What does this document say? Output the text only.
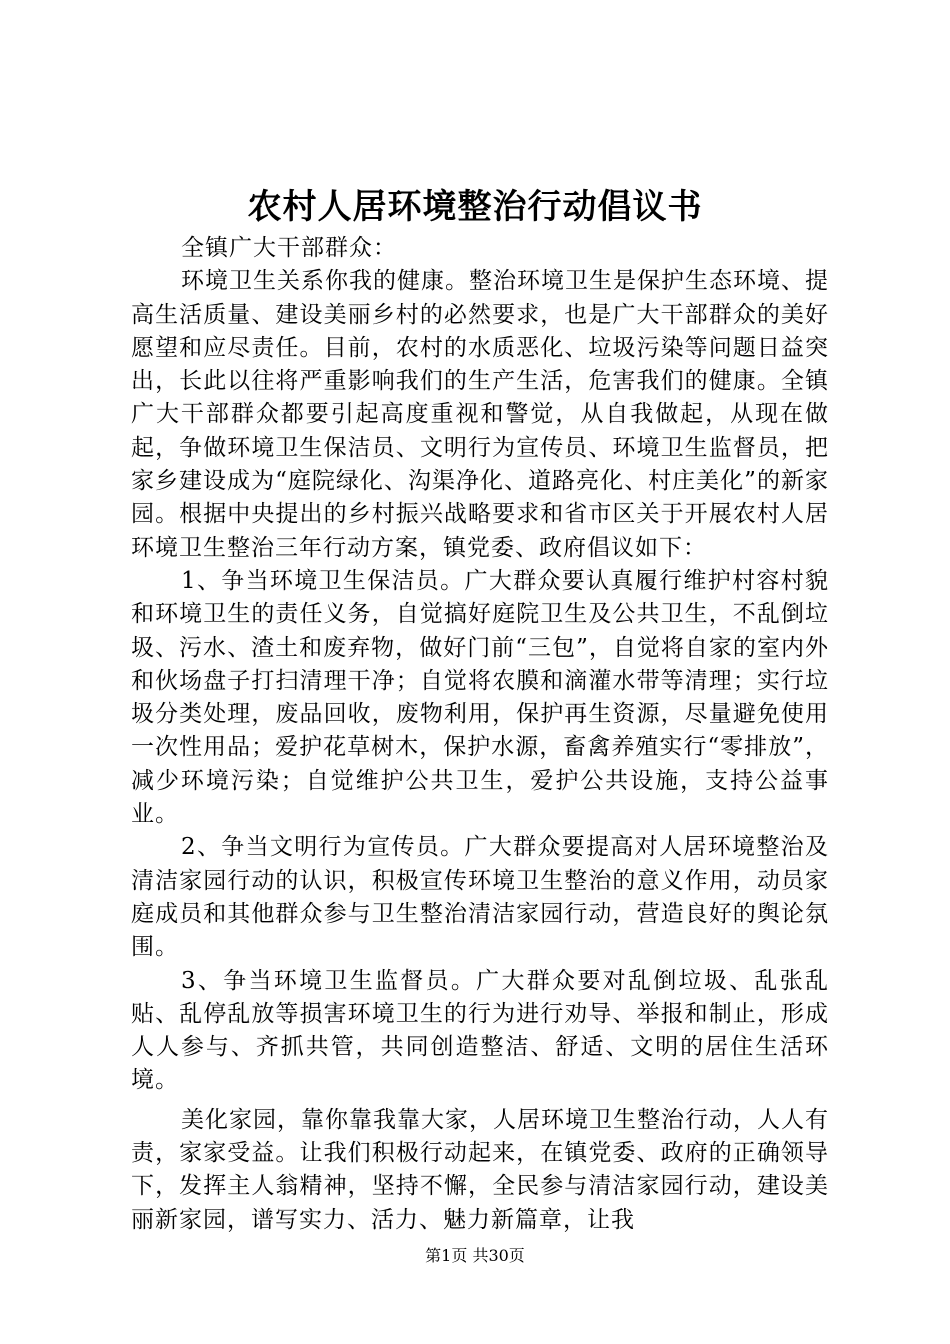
农村人居环境整治行动倡议书

全镇广大干部群众：

环境卫生关系你我的健康。整治环境卫生是保护生态环境、提高生活质量、建设美丽乡村的必然要求，也是广大干部群众的美好愿望和应尽责任。目前，农村的水质恶化、垃圾污染等问题日益突出，长此以往将严重影响我们的生产生活，危害我们的健康。全镇广大干部群众都要引起高度重视和警觉，从自我做起，从现在做起，争做环境卫生保洁员、文明行为宣传员、环境卫生监督员，把家乡建设成为“庭院绿化、沟渠净化、道路亮化、村庄美化”的新家园。根据中央提出的乡村振兴战略要求和省市区关于开展农村人居环境卫生整治三年行动方案，镇党委、政府倡议如下：

1、争当环境卫生保洁员。广大群众要认真履行维护村容村貌和环境卫生的责任义务，自觉搞好庭院卫生及公共卫生，不乱倒垃圾、污水、渣土和废弃物，做好门前“三包”，自觉将自家的室内外和伙场盘子打扫清理干净；自觉将农膜和滴灌水带等清理；实行垃圾分类处理，废品回收，废物利用，保护再生资源，尽量避免使用一次性用品；爱护花草树木，保护水源，畜禽养殖实行“零排放”，减少环境污染；自觉维护公共卫生，爱护公共设施，支持公益事业。

2、争当文明行为宣传员。广大群众要提高对人居环境整治及清洁家园行动的认识，积极宣传环境卫生整治的意义作用，动员家庭成员和其他群众参与卫生整治清洁家园行动，营造良好的舆论氛围。

3、争当环境卫生监督员。广大群众要对乱倒垃圾、乱张乱贴、乱停乱放等损害环境卫生的行为进行劝导、举报和制止，形成人人参与、齐抓共管，共同创造整洁、舒适、文明的居住生活环境。

美化家园，靠你靠我靠大家，人居环境卫生整治行动，人人有责，家家受益。让我们积极行动起来，在镇党委、政府的正确领导下，发挥主人翁精神，坚持不懈，全民参与清洁家园行动，建设美丽新家园，谱写实力、活力、魅力新篇章，让我

第1页 共30页
